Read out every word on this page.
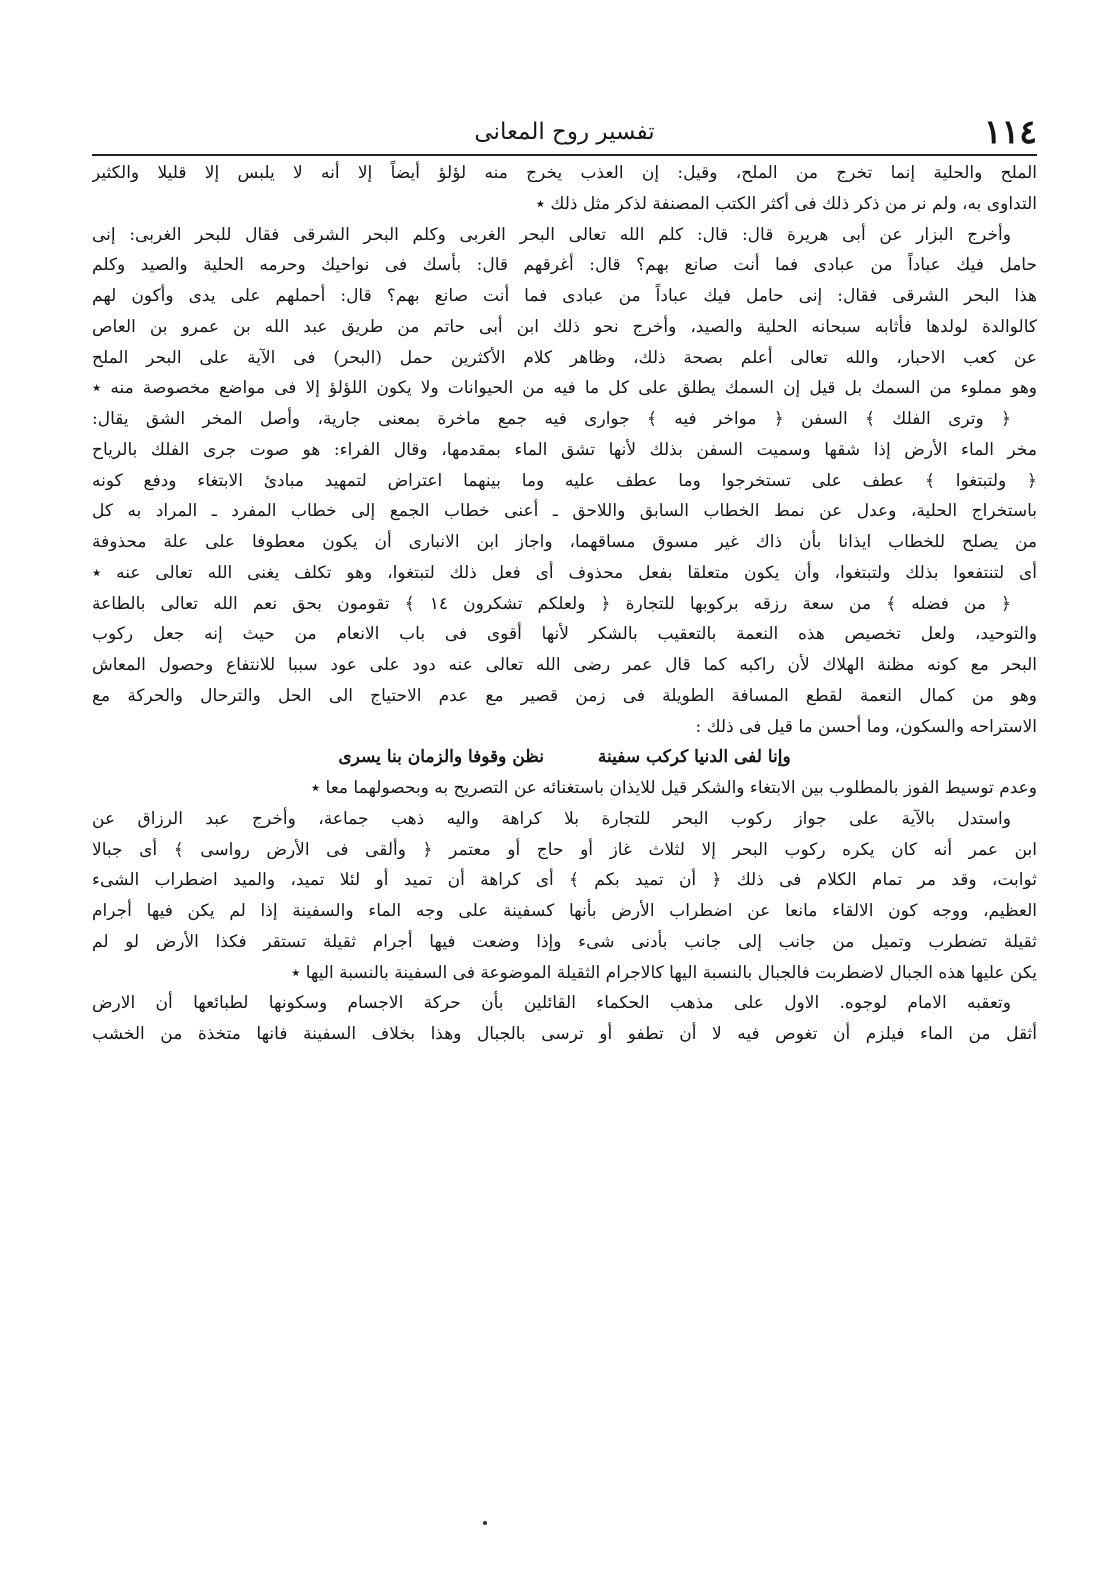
١١٤
تفسير روح المعانى
الملح والحلية إنما تخرج من الملح، وقيل: إن العذب يخرج منه لؤلؤ أيضاً إلا أنه لا يلبس إلا قليلا والكثير
التداوى به، ولم نر من ذكر ذلك فى أكثر الكتب المصنفة لذكر مثل ذلك ٭
وأخرج البزار عن أبى هريرة قال: قال: كلم الله تعالى البحر الغربى وكلم البحر الشرقى فقال للبحر الغربى: إنى
حامل فيك عباداً من عبادى فما أنت صانع بهم؟ قال: أغرقهم قال: بأسك فى نواحيك وحرمه الحلية والصيد وكلم
هذا البحر الشرقى فقال: إنى حامل فيك عباداً من عبادى فما أنت صانع بهم؟ قال: أحملهم على يدى وأكون لهم
كالوالدة لولدها فأثابه سبحانه الحلية والصيد، وأخرج نحو ذلك ابن أبى حاتم من طريق عبد الله بن عمرو بن العاص
عن كعب الاحبار، والله تعالى أعلم بصحة ذلك، وظاهر كلام الأكثرين حمل (البحر) فى الآية على البحر الملح
وهو مملوء من السمك بل قيل إن السمك يطلق على كل ما فيه من الحيوانات ولا يكون اللؤلؤ إلا فى مواضع مخصوصة منه ٭
﴿ وترى الفلك ﴾ السفن ﴿ مواخر فيه ﴾ جوارى فيه جمع ماخرة بمعنى جارية، وأصل المخر الشق يقال:
مخر الماء الأرض إذا شقها وسميت السفن بذلك لأنها تشق الماء بمقدمها، وقال الفراء: هو صوت جرى الفلك بالرياح
﴿ ولتبتغوا ﴾ عطف على تستخرجوا وما عطف عليه وما بينهما اعتراض لتمهيد مبادئ الابتغاء ودفع كونه
باستخراج الحلية، وعدل عن نمط الخطاب السابق واللاحق ـ أعنى خطاب الجمع إلى خطاب المفرد ـ المراد به كل
من يصلح للخطاب ايذانا بأن ذاك غير مسوق مساقهما، واجاز ابن الانبارى أن يكون معطوفا على علة محذوفة
أى لتنتفعوا بذلك ولتبتغوا، وأن يكون متعلقا بفعل محذوف أى فعل ذلك لتبتغوا، وهو تكلف يغنى الله تعالى عنه ٭
﴿ من فضله ﴾ من سعة رزقه بركوبها للتجارة ﴿ ولعلكم تشكرون ١٤ ﴾ تقومون بحق نعم الله تعالى بالطاعة
والتوحيد، ولعل تخصيص هذه النعمة بالتعقيب بالشكر لأنها أقوى فى باب الانعام من حيث إنه جعل ركوب
البحر مع كونه مظنة الهلاك لأن راكبه كما قال عمر رضى الله تعالى عنه دود على عود سببا للانتفاع وحصول المعاش
وهو من كمال النعمة لقطع المسافة الطويلة فى زمن قصير مع عدم الاحتياج الى الحل والترحال والحركة مع
الاستراحه والسكون، وما أحسن ما قيل فى ذلك :
وإنا لفى الدنيا كركب سفينة نظن وقوفا والزمان بنا يسرى
وعدم توسيط الفوز بالمطلوب بين الابتغاء والشكر قيل للايذان باستغنائه عن التصريح به وبحصولهما معا ٭
واستدل بالآية على جواز ركوب البحر للتجارة بلا كراهة واليه ذهب جماعة، وأخرج عبد الرزاق عن
ابن عمر أنه كان يكره ركوب البحر إلا لثلاث غاز أو حاج أو معتمر ﴿ وألقى فى الأرض رواسى ﴾ أى جبالا
ثوابت، وقد مر تمام الكلام فى ذلك ﴿ أن تميد بكم ﴾ أى كراهة أن تميد أو لئلا تميد، والميد اضطراب الشىء
العظيم، ووجه كون الالقاء مانعا عن اضطراب الأرض بأنها كسفينة على وجه الماء والسفينة إذا لم يكن فيها أجرام
ثقيلة تضطرب وتميل من جانب إلى جانب بأدنى شىء وإذا وضعت فيها أجرام ثقيلة تستقر فكذا الأرض لو لم
يكن عليها هذه الجبال لاضطربت فالجبال بالنسبة اليها كالاجرام الثقيلة الموضوعة فى السفينة بالنسبة اليها ٭
وتعقبه الامام لوجوه. الاول على مذهب الحكماء القائلين بأن حركة الاجسام وسكونها لطبائعها أن الارض
أثقل من الماء فيلزم أن تغوص فيه لا أن تطفو أو ترسى بالجبال وهذا بخلاف السفينة فانها متخذة من الخشب
